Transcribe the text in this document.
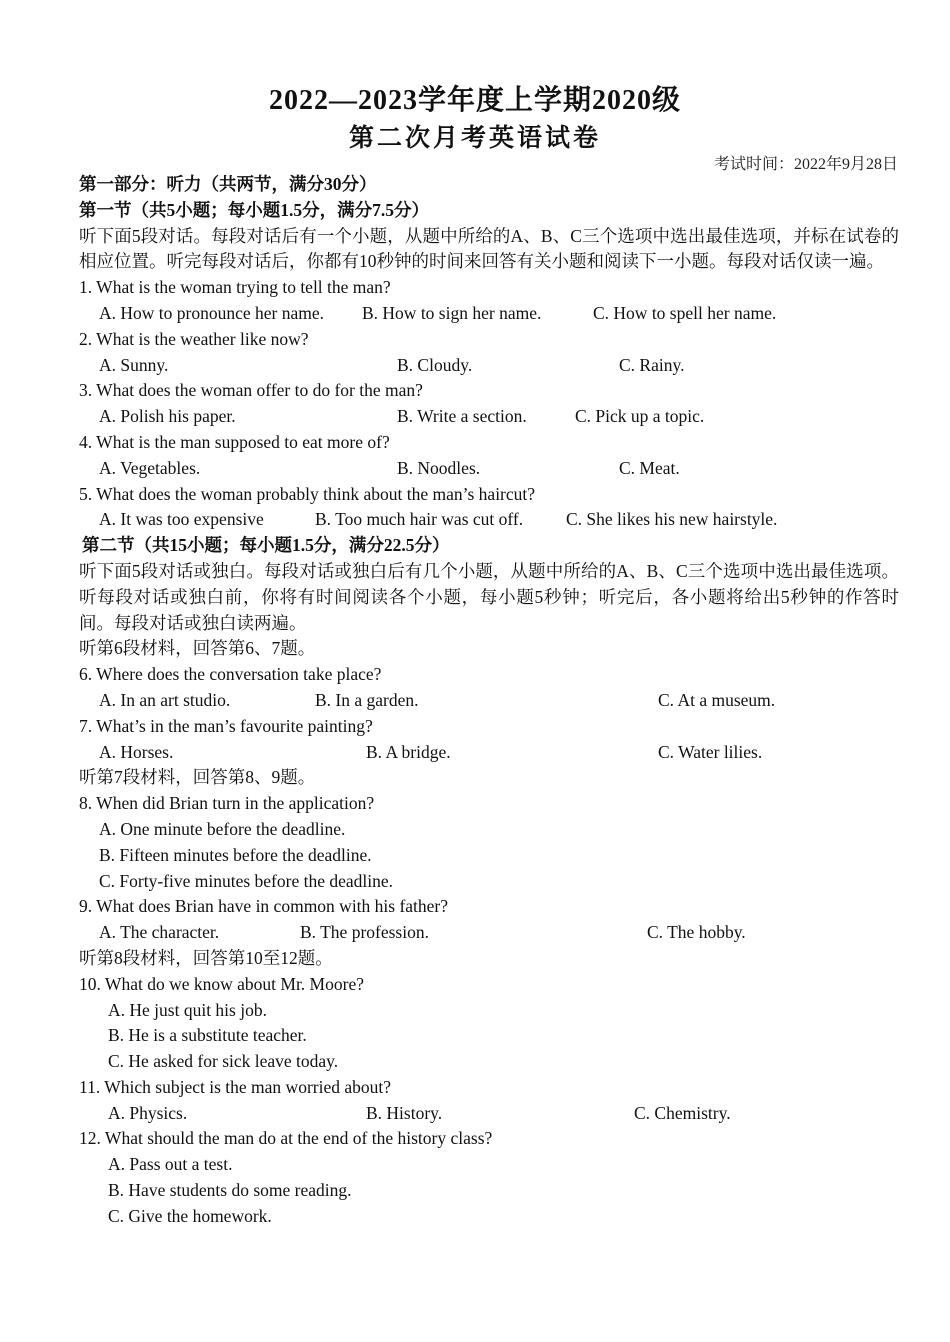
2022—2023学年度上学期2020级
第二次月考英语试卷
考试时间：2022年9月28日
第一部分：听力（共两节，满分30分）
第一节（共5小题；每小题1.5分，满分7.5分）
听下面5段对话。每段对话后有一个小题，从题中所给的A、B、C三个选项中选出最佳选项，并标在试卷的相应位置。听完每段对话后，你都有10秒钟的时间来回答有关小题和阅读下一小题。每段对话仅读一遍。
1. What is the woman trying to tell the man?
A. How to pronounce her name. B. How to sign her name.	C. How to spell her name.
2. What is the weather like now?
A. Sunny.	B. Cloudy.	C. Rainy.
3. What does the woman offer to do for the man?
A. Polish his paper.	B. Write a section.	C. Pick up a topic.
4. What is the man supposed to eat more of?
A. Vegetables.	B. Noodles.	C. Meat.
5. What does the woman probably think about the man’s haircut?
A. It was too expensive	B. Too much hair was cut off. C. She likes his new hairstyle.
第二节（共15小题；每小题1.5分，满分22.5分）
听下面5段对话或独白。每段对话或独白后有几个小题，从题中所给的A、B、C三个选项中选出最佳选项。听每段对话或独白前，你将有时间阅读各个小题，每小题5秒钟；听完后，各小题将给出5秒钟的作答时间。每段对话或独白读两遍。
听第6段材料，回答第6、7题。
6. Where does the conversation take place?
A. In an art studio.	B. In a garden.	C. At a museum.
7. What’s in the man’s favourite painting?
A. Horses.	B. A bridge.	C. Water lilies.
听第7段材料，回答第8、9题。
8. When did Brian turn in the application?
A. One minute before the deadline.
B. Fifteen minutes before the deadline.
C. Forty-five minutes before the deadline.
9. What does Brian have in common with his father?
A. The character.	B. The profession.	C. The hobby.
听第8段材料，回答第10至12题。
10. What do we know about Mr. Moore?
A. He just quit his job.
B. He is a substitute teacher.
C. He asked for sick leave today.
11. Which subject is the man worried about?
A. Physics.	B. History.	C. Chemistry.
12. What should the man do at the end of the history class?
A. Pass out a test.
B. Have students do some reading.
C. Give the homework.
